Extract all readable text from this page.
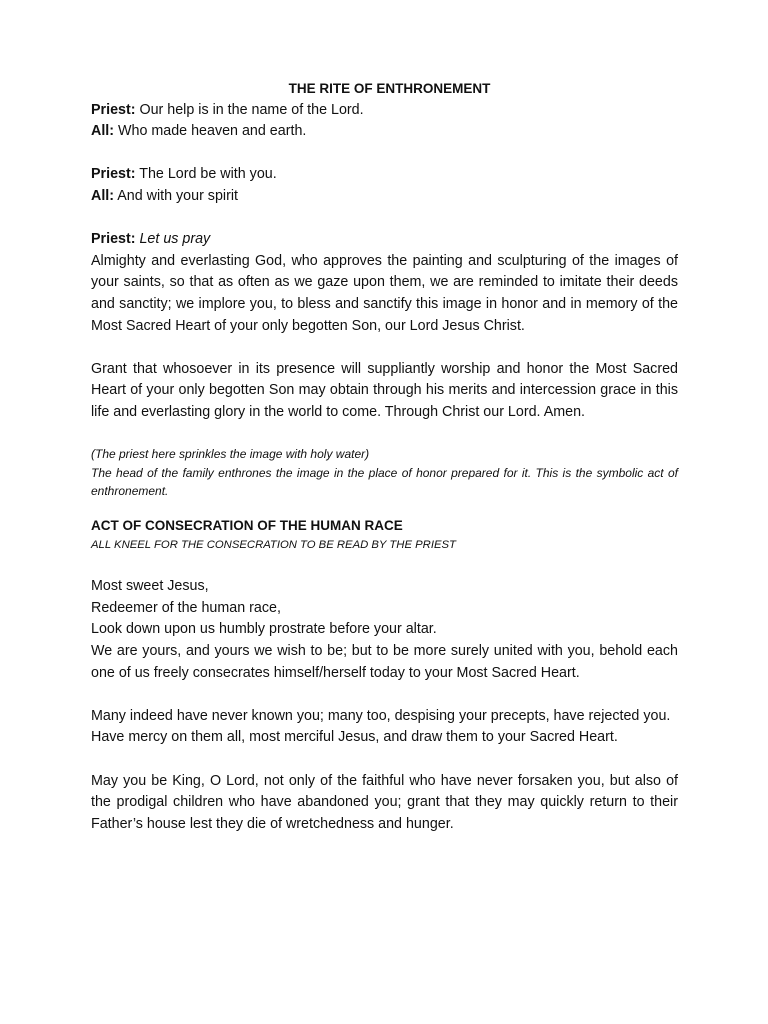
THE RITE OF ENTHRONEMENT

Priest: Our help is in the name of the Lord.

All: Who made heaven and earth.

Priest: The Lord be with you.

All: And with your spirit

Priest: Let us pray

Almighty and everlasting God, who approves the painting and sculpturing of the images of your saints, so that as often as we gaze upon them, we are reminded to imitate their deeds and sanctity; we implore you, to bless and sanctify this image in honor and in memory of the Most Sacred Heart of your only begotten Son, our Lord Jesus Christ.

Grant that whosoever in its presence will suppliantly worship and honor the Most Sacred Heart of your only begotten Son may obtain through his merits and intercession grace in this life and everlasting glory in the world to come. Through Christ our Lord. Amen.

(The priest here sprinkles the image with holy water)

The head of the family enthrones the image in the place of honor prepared for it. This is the symbolic act of enthronement.

ACT OF CONSECRATION OF THE HUMAN RACE

ALL KNEEL FOR THE CONSECRATION TO BE READ BY THE PRIEST

Most sweet Jesus,

Redeemer of the human race,

Look down upon us humbly prostrate before your altar.

We are yours, and yours we wish to be; but to be more surely united with you, behold each one of us freely consecrates himself/herself today to your Most Sacred Heart.

Many indeed have never known you; many too, despising your precepts, have rejected you.

Have mercy on them all, most merciful Jesus, and draw them to your Sacred Heart.

May you be King, O Lord, not only of the faithful who have never forsaken you, but also of the prodigal children who have abandoned you; grant that they may quickly return to their Father’s house lest they die of wretchedness and hunger.
